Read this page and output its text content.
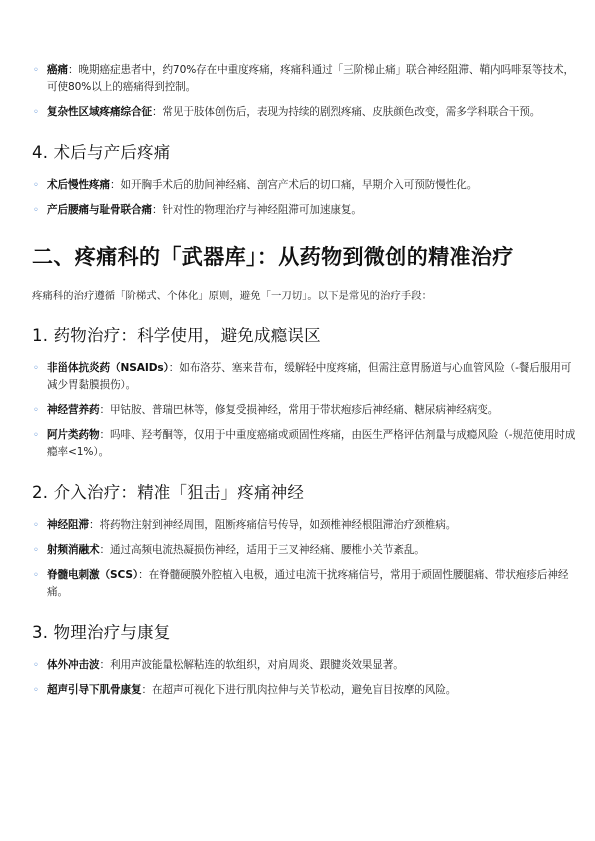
◦ 癌痛：晚期癌症患者中，约70%存在中重度疼痛，疼痛科通过「三阶梯止痛」联合神经阻滞、鞘内吗啡泵等技术，可使80%以上的癌痛得到控制。
◦ 复杂性区域疼痛综合征：常见于肢体创伤后，表现为持续的剧烈疼痛、皮肤颜色改变，需多学科联合干预。
4. 术后与产后疼痛
◦ 术后慢性疼痛：如开胸手术后的肋间神经痛、剖宫产术后的切口痛，早期介入可预防慢性化。
◦ 产后腰痛与耻骨联合痛：针对性的物理治疗与神经阻滞可加速康复。
二、疼痛科的「武器库」：从药物到微创的精准治疗

疼痛科的治疗遵循「阶梯式、个体化」原则，避免「一刀切」。以下是常见的治疗手段：

1. 药物治疗：科学使用，避免成瘾误区
◦ 非甾体抗炎药（NSAIDs）：如布洛芬、塞来昔布，缓解轻中度疼痛，但需注意胃肠道与心血管风险（-餐后服用可减少胃黏膜损伤）。
◦ 神经营养药：甲钴胺、普瑞巴林等，修复受损神经，常用于带状疱疹后神经痛、糖尿病神经病变。
◦ 阿片类药物：吗啡、羟考酮等，仅用于中重度癌痛或顽固性疼痛，由医生严格评估剂量与成瘾风险（-规范使用时成瘾率<1%）。
2. 介入治疗：精准「狙击」疼痛神经
◦ 神经阻滞：将药物注射到神经周围，阻断疼痛信号传导，如颈椎神经根阻滞治疗颈椎病。
◦ 射频消融术：通过高频电流热凝损伤神经，适用于三叉神经痛、腰椎小关节紊乱。
◦ 脊髓电刺激（SCS）：在脊髓硬膜外腔植入电极，通过电流干扰疼痛信号，常用于顽固性腰腿痛、带状疱疹后神经痛。
3. 物理治疗与康复
◦ 体外冲击波：利用声波能量松解粘连的软组织，对肩周炎、跟腱炎效果显著。
◦ 超声引导下肌骨康复：在超声可视化下进行肌肉拉伸与关节松动，避免盲目按摩的风险。
